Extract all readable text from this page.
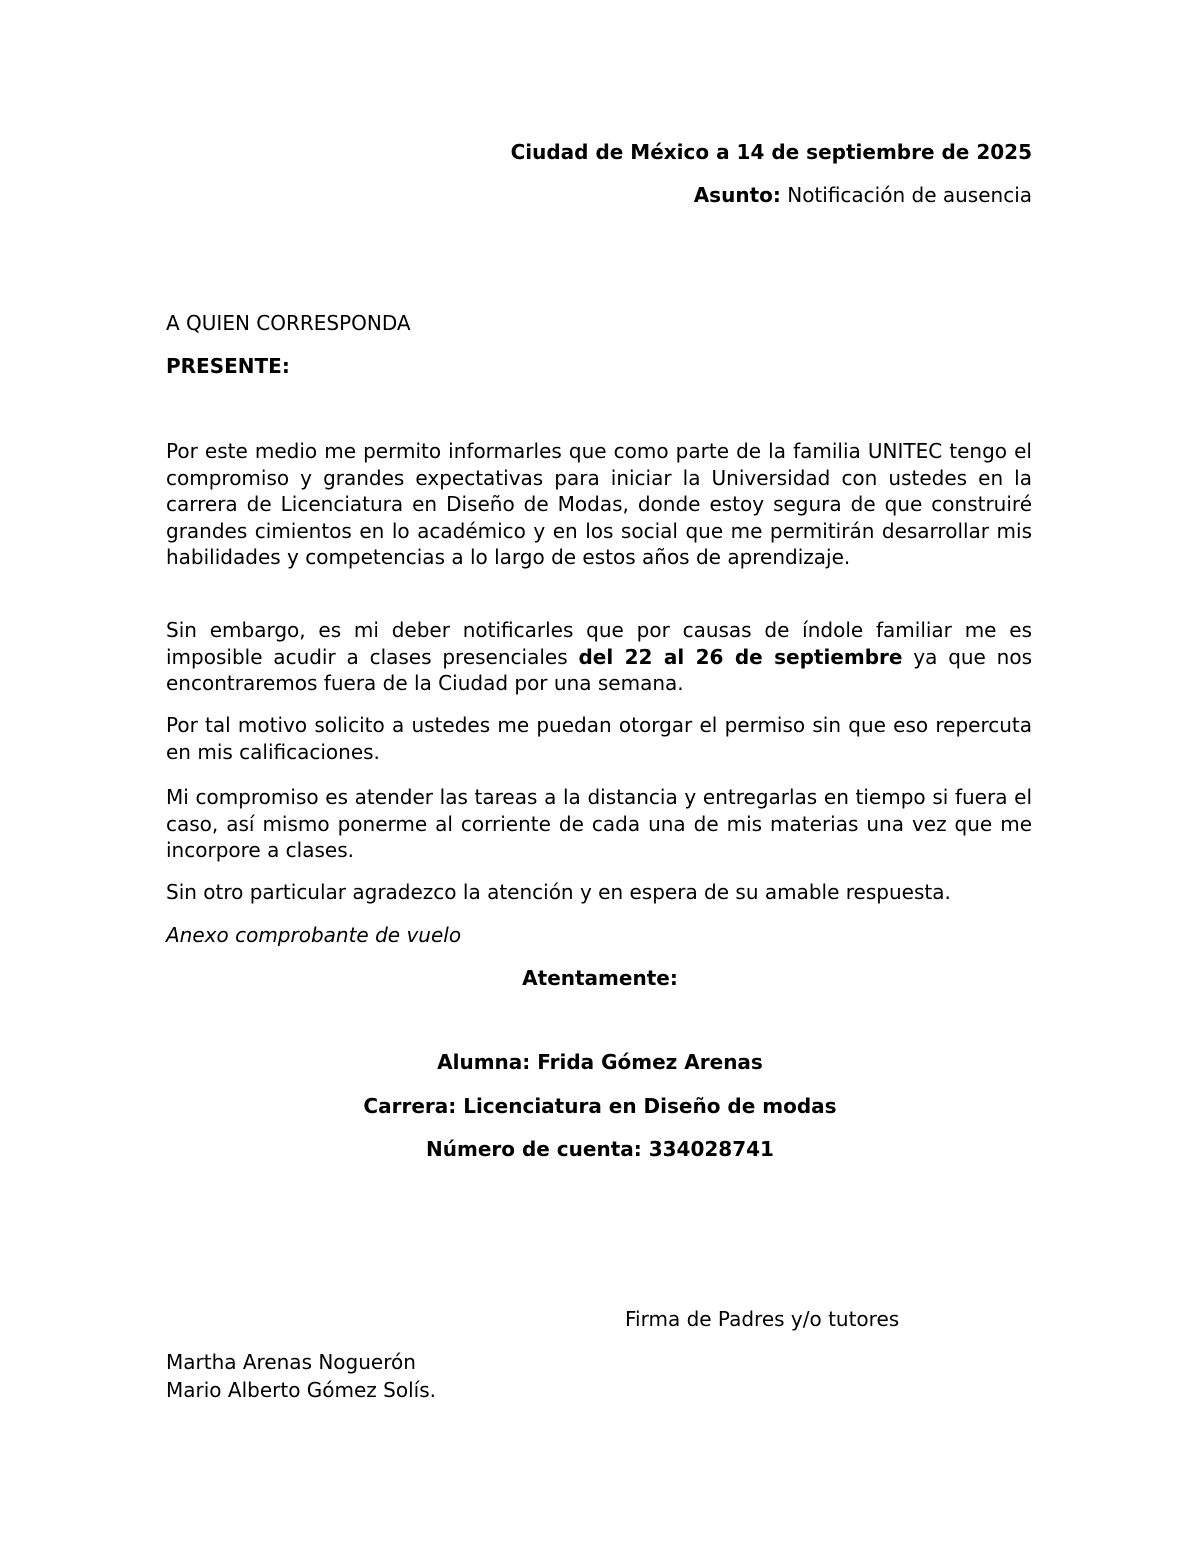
Ciudad de México a 14 de septiembre de 2025
Asunto: Notificación de ausencia
A QUIEN CORRESPONDA
PRESENTE:
Por este medio me permito informarles que como parte de la familia UNITEC tengo el compromiso y grandes expectativas para iniciar la Universidad con ustedes en la carrera de Licenciatura en Diseño de Modas, donde estoy segura de que construiré grandes cimientos en lo académico y en los social que me permitirán desarrollar mis habilidades y competencias a lo largo de estos años de aprendizaje.
Sin embargo, es mi deber notificarles que por causas de índole familiar me es imposible acudir a clases presenciales del 22 al 26 de septiembre ya que nos encontraremos fuera de la Ciudad por una semana.
Por tal motivo solicito a ustedes me puedan otorgar el permiso sin que eso repercuta en mis calificaciones.
Mi compromiso es atender las tareas a la distancia y entregarlas en tiempo si fuera el caso, así mismo ponerme al corriente de cada una de mis materias una vez que me incorpore a clases.
Sin otro particular agradezco la atención y en espera de su amable respuesta.
Anexo comprobante de vuelo
Atentamente:
Alumna: Frida Gómez Arenas
Carrera: Licenciatura en Diseño de modas
Número de cuenta: 334028741
Firma de Padres y/o tutores
Martha Arenas Noguerón
Mario Alberto Gómez Solís.
